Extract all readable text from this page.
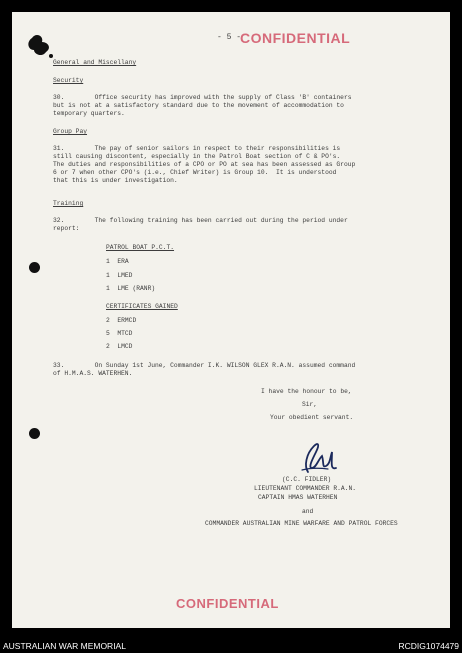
- 5 -
CONFIDENTIAL
General and Miscellany
Security
30.        Office security has improved with the supply of Class 'B' containers
but is not at a satisfactory standard due to the movement of accommodation to
temporary quarters.
Group Pay
31.        The pay of senior sailors in respect to their responsibilities is
still causing discontent, especially in the Patrol Boat section of C & PO's.
The duties and responsibilities of a CPO or PO at sea has been assessed as Group
6 or 7 when other CPO's (i.e., Chief Writer) is Group 10.  It is understood
that this is under investigation.
Training
32.        The following training has been carried out during the period under
report:
PATROL BOAT P.C.T.
1  ERA
1  LMED
1  LME (RANR)
CERTIFICATES GAINED
2  ERMCD
5  MTCD
2  LMCD
33.        On Sunday 1st June, Commander I.K. WILSON GLEX R.A.N. assumed command
of H.M.A.S. WATERHEN.
I have the honour to be,
Sir,
Your obedient servant.
(C.C. FIDLER)
LIEUTENANT COMMANDER R.A.N.
CAPTAIN HMAS WATERHEN
and
COMMANDER AUSTRALIAN MINE WARFARE AND PATROL FORCES
CONFIDENTIAL
AUSTRALIAN WAR MEMORIAL	RCDIG1074479
